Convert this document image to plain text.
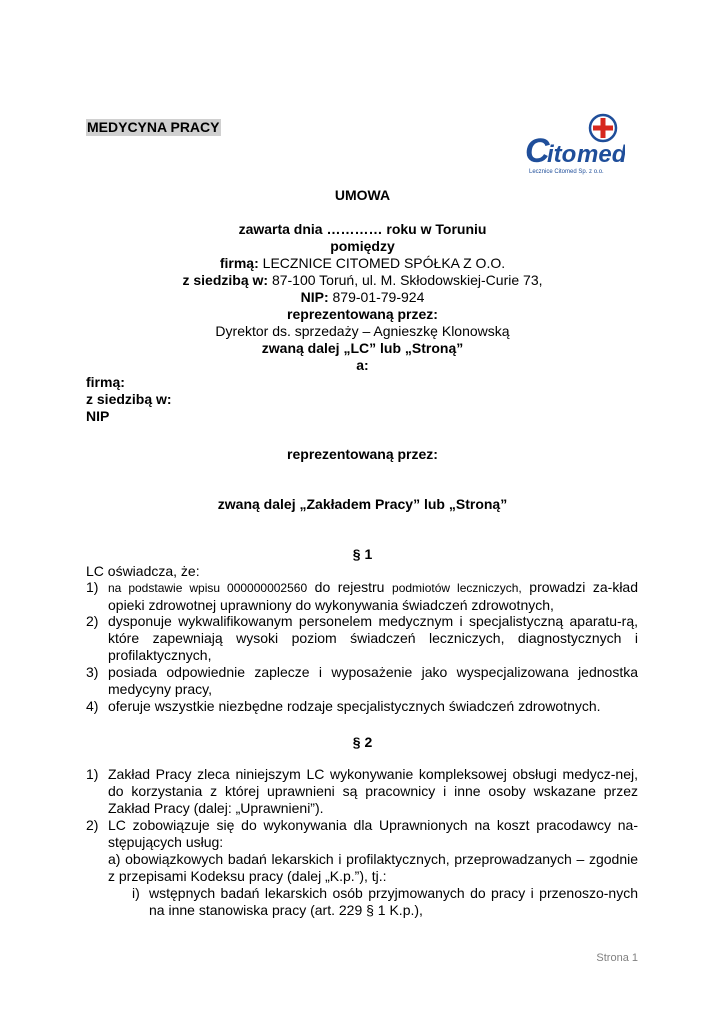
MEDYCYNA PRACY
C
ito med
Lecznice Citomed Sp. z o.o.
UMOWA
zawarta dnia ………… roku w Toruniu
pomiędzy
firmą: LECZNICE CITOMED SPÓŁKA Z O.O.
z siedzibą w: 87-100 Toruń, ul. M. Skłodowskiej-Curie 73,
NIP: 879-01-79-924
reprezentowaną przez:
Dyrektor ds. sprzedaży – Agnieszkę Klonowską
zwaną dalej „LC” lub „Stroną”
a:
firmą:
z siedzibą w:
NIP
reprezentowaną przez:
zwaną dalej „Zakładem Pracy” lub „Stroną”
§ 1
LC oświadcza, że:
1) na podstawie wpisu 000000002560 do rejestru podmiotów leczniczych, prowadzi za-kład opieki zdrowotnej uprawniony do wykonywania świadczeń zdrowotnych,
2) dysponuje wykwalifikowanym personelem medycznym i specjalistyczną aparatu-rą, które zapewniają wysoki poziom świadczeń leczniczych, diagnostycznych i profilaktycznych,
3) posiada odpowiednie zaplecze i wyposażenie jako wyspecjalizowana jednostka medycyny pracy,
4) oferuje wszystkie niezbędne rodzaje specjalistycznych świadczeń zdrowotnych.
§ 2
1) Zakład Pracy zleca niniejszym LC wykonywanie kompleksowej obsługi medycz-nej, do korzystania z której uprawnieni są pracownicy i inne osoby wskazane przez Zakład Pracy (dalej: „Uprawnieni”).
2) LC zobowiązuje się do wykonywania dla Uprawnionych na koszt pracodawcy na-stępujących usług:
a) obowiązkowych badań lekarskich i profilaktycznych, przeprowadzanych – zgodnie z przepisami Kodeksu pracy (dalej „K.p.”), tj.:
i) wstępnych badań lekarskich osób przyjmowanych do pracy i przenoszo-nych na inne stanowiska pracy (art. 229 § 1 K.p.),
Strona 1
